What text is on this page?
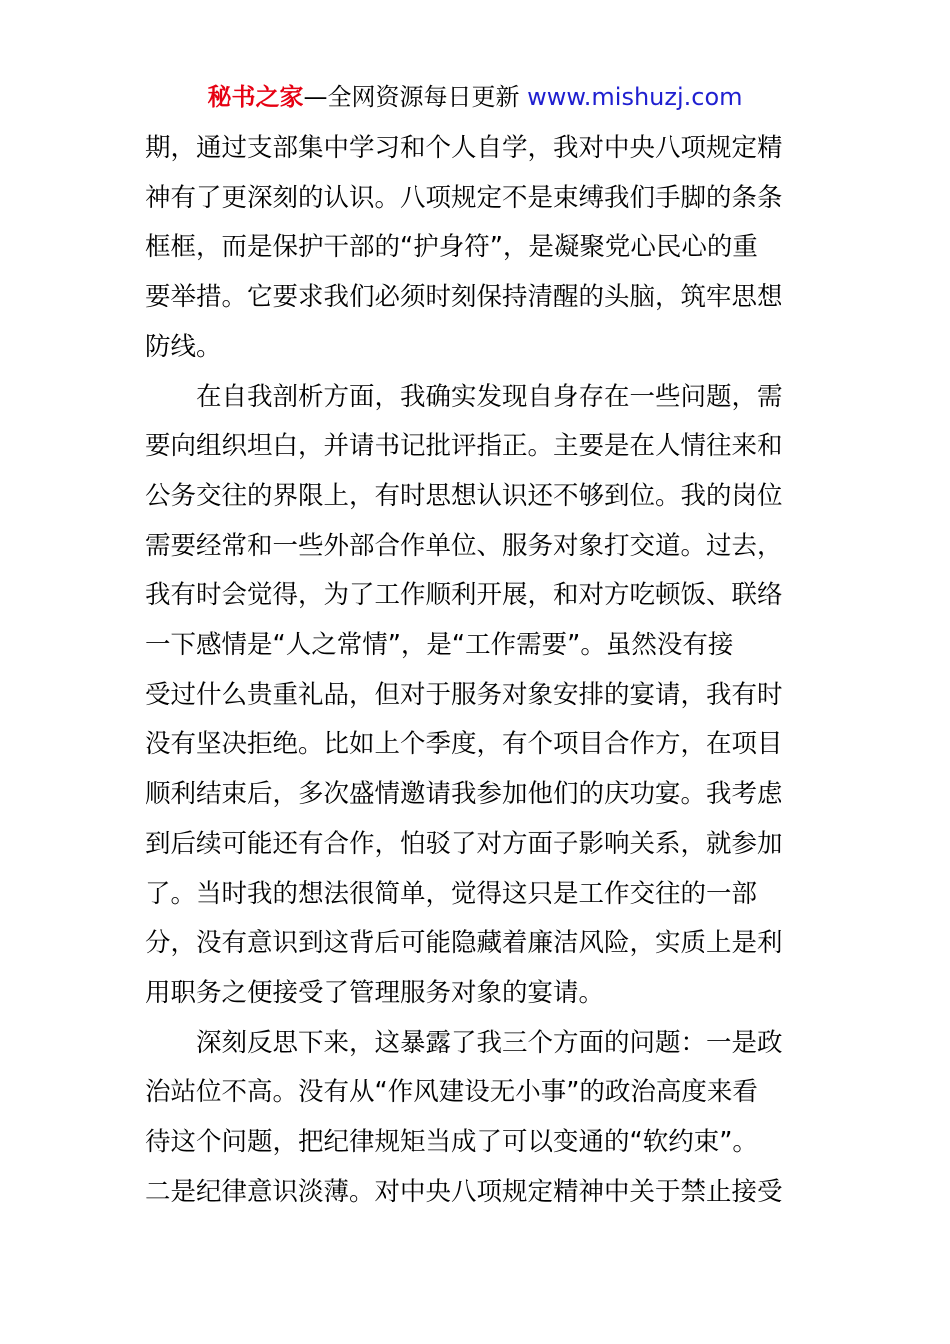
秘书之家—全网资源每日更新 www.mishuzj.com
期，通过支部集中学习和个人自学，我对中央八项规定精
神有了更深刻的认识。八项规定不是束缚我们手脚的条条
框框，而是保护干部的“护身符”，是凝聚党心民心的重
要举措。它要求我们必须时刻保持清醒的头脑，筑牢思想
防线。
在自我剖析方面，我确实发现自身存在一些问题，需
要向组织坦白，并请书记批评指正。主要是在人情往来和
公务交往的界限上，有时思想认识还不够到位。我的岗位
需要经常和一些外部合作单位、服务对象打交道。过去，
我有时会觉得，为了工作顺利开展，和对方吃顿饭、联络
一下感情是“人之常情”，是“工作需要”。虽然没有接
受过什么贵重礼品，但对于服务对象安排的宴请，我有时
没有坚决拒绝。比如上个季度，有个项目合作方，在项目
顺利结束后，多次盛情邀请我参加他们的庆功宴。我考虑
到后续可能还有合作，怕驳了对方面子影响关系，就参加
了。当时我的想法很简单，觉得这只是工作交往的一部
分，没有意识到这背后可能隐藏着廉洁风险，实质上是利
用职务之便接受了管理服务对象的宴请。
深刻反思下来，这暴露了我三个方面的问题：一是政
治站位不高。没有从“作风建设无小事”的政治高度来看
待这个问题，把纪律规矩当成了可以变通的“软约束”。
二是纪律意识淡薄。对中央八项规定精神中关于禁止接受
